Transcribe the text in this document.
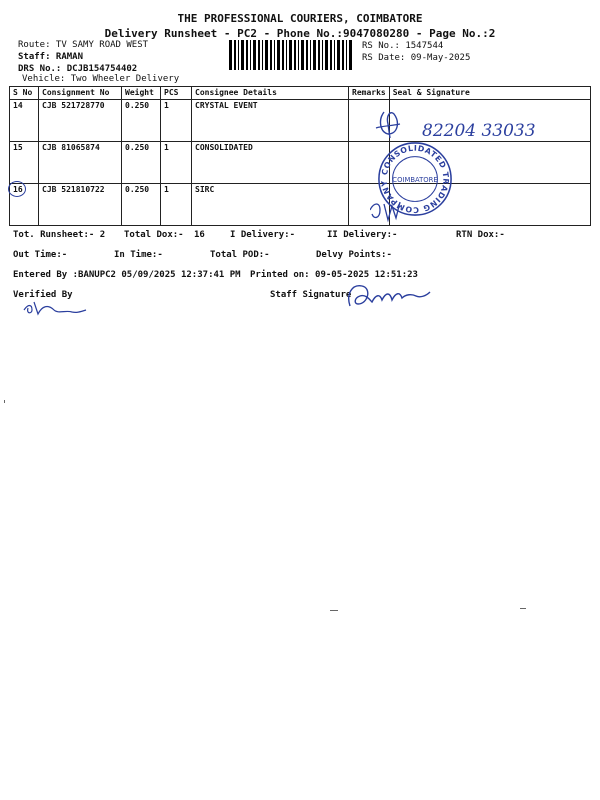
THE PROFESSIONAL COURIERS, COIMBATORE
Delivery Runsheet - PC2 - Phone No.:9047080280 - Page No.:2
Route: TV SAMY ROAD WEST
Staff: RAMAN
DRS No.: DCJB154754402
Vehicle: Two Wheeler Delivery
RS No.: 1547544
RS Date: 09-May-2025
S No	Consignment No	Weight	PCS	Consignee Details	Remarks	Seal & Signature
14	CJB 521728770	0.250	1	CRYSTAL EVENT		
15	CJB 81065874	0.250	1	CONSOLIDATED		
16	CJB 521810722	0.250	1	SIRC		
82204 33033
CONSOLIDATED TRADING COMPANY COIMBATORE
Tot. Runsheet:- 2 Total Dox:- 16	I Delivery:-	II Delivery:-	RTN Dox:-
Out Time:-	In Time:-	Total POD:-	Delvy Points:-
Entered By :BANUPC2 05/09/2025 12:37:41 PM Printed on: 09-05-2025 12:51:23
Verified By	Staff Signature
